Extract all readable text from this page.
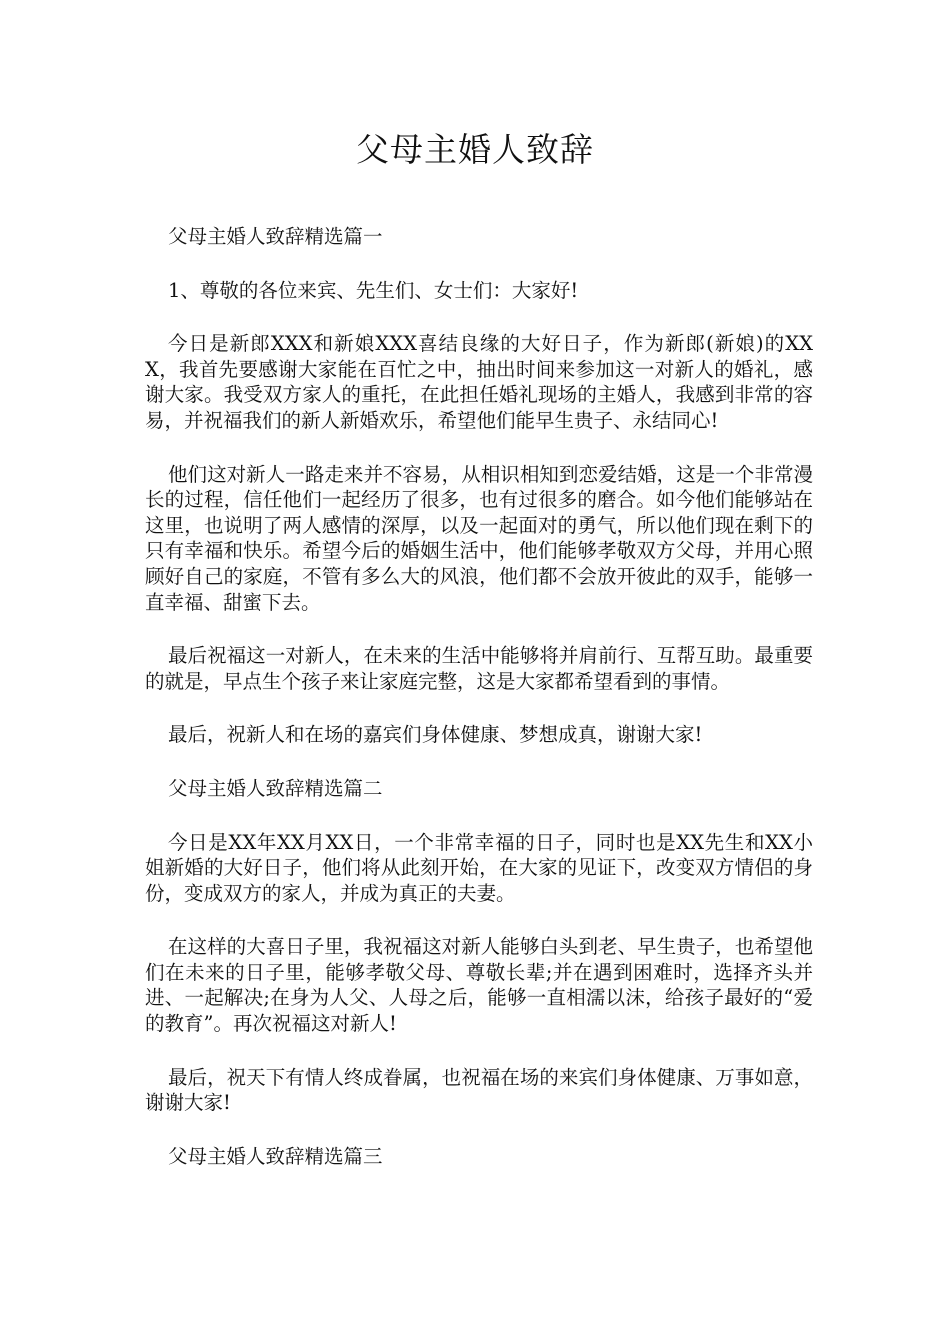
父母主婚人致辞

父母主婚人致辞精选篇一

1、尊敬的各位来宾、先生们、女士们：大家好!

今日是新郎XXX和新娘XXX喜结良缘的大好日子，作为新郎(新娘)的XXX，我首先要感谢大家能在百忙之中，抽出时间来参加这一对新人的婚礼，感谢大家。我受双方家人的重托，在此担任婚礼现场的主婚人，我感到非常的容易，并祝福我们的新人新婚欢乐，希望他们能早生贵子、永结同心!

他们这对新人一路走来并不容易，从相识相知到恋爱结婚，这是一个非常漫长的过程，信任他们一起经历了很多，也有过很多的磨合。如今他们能够站在这里，也说明了两人感情的深厚，以及一起面对的勇气，所以他们现在剩下的只有幸福和快乐。希望今后的婚姻生活中，他们能够孝敬双方父母，并用心照顾好自己的家庭，不管有多么大的风浪，他们都不会放开彼此的双手，能够一直幸福、甜蜜下去。

最后祝福这一对新人，在未来的生活中能够将并肩前行、互帮互助。最重要的就是，早点生个孩子来让家庭完整，这是大家都希望看到的事情。

最后，祝新人和在场的嘉宾们身体健康、梦想成真，谢谢大家!

父母主婚人致辞精选篇二

今日是XX年XX月XX日，一个非常幸福的日子，同时也是XX先生和XX小姐新婚的大好日子，他们将从此刻开始，在大家的见证下，改变双方情侣的身份，变成双方的家人，并成为真正的夫妻。

在这样的大喜日子里，我祝福这对新人能够白头到老、早生贵子，也希望他们在未来的日子里，能够孝敬父母、尊敬长辈;并在遇到困难时，选择齐头并进、一起解决;在身为人父、人母之后，能够一直相濡以沫，给孩子最好的“爱的教育”。再次祝福这对新人!

最后，祝天下有情人终成眷属，也祝福在场的来宾们身体健康、万事如意，谢谢大家!

父母主婚人致辞精选篇三
